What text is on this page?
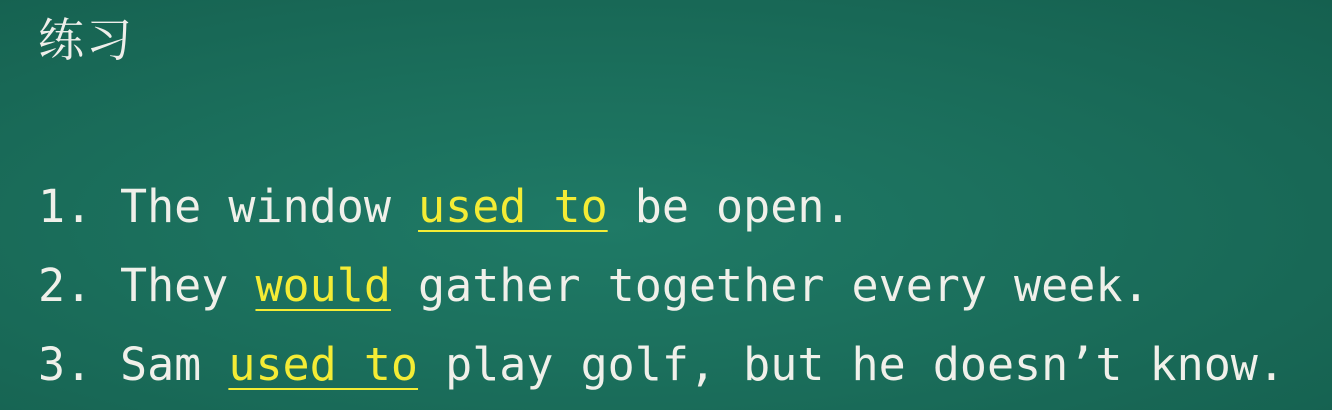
练习
1. The window used to be open.
2. They would gather together every week.
3. Sam used to play golf, but he doesn’t know.
